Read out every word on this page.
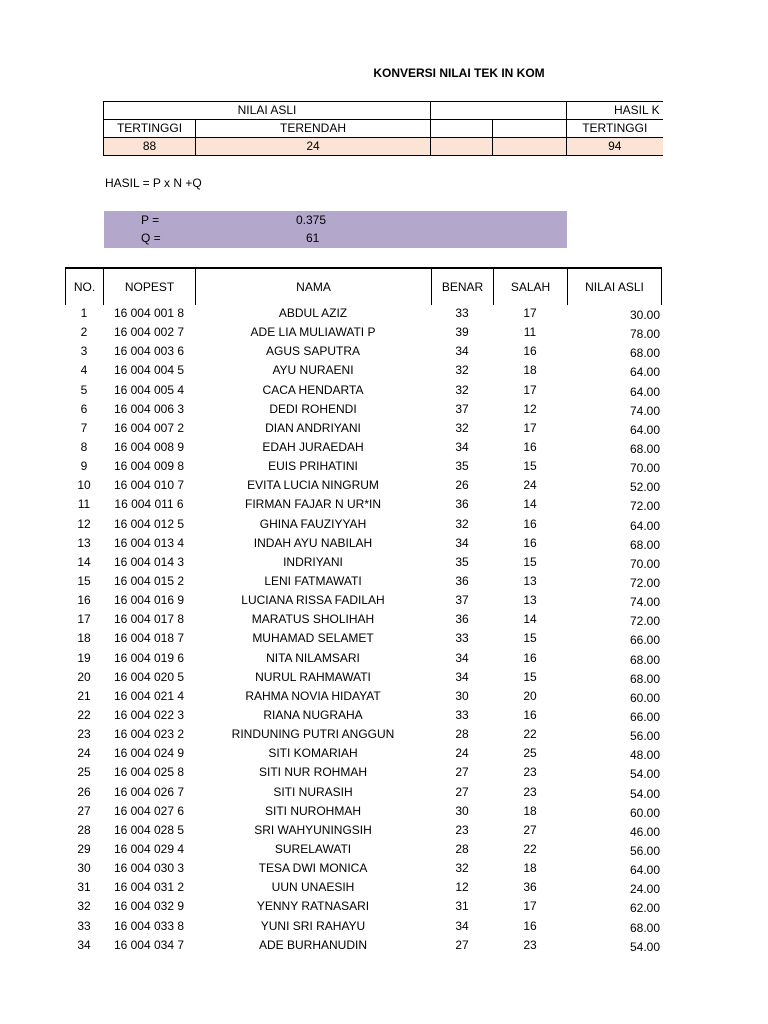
KONVERSI NILAI TEK IN KOM
NILAI ASLI				HASIL K
TERTINGGI	TERENDAH			TERTINGGI
88	24			94
HASIL = P x N +Q
P =	0.375
Q =	61
NO.	NOPEST	NAMA	BENAR	SALAH	NILAI ASLI
1	16 004 001 8	ABDUL AZIZ	33	17	30.00
2	16 004 002 7	ADE LIA MULIAWATI P	39	11	78.00
3	16 004 003 6	AGUS SAPUTRA	34	16	68.00
4	16 004 004 5	AYU NURAENI	32	18	64.00
5	16 004 005 4	CACA HENDARTA	32	17	64.00
6	16 004 006 3	DEDI ROHENDI	37	12	74.00
7	16 004 007 2	DIAN ANDRIYANI	32	17	64.00
8	16 004 008 9	EDAH JURAEDAH	34	16	68.00
9	16 004 009 8	EUIS PRIHATINI	35	15	70.00
10	16 004 010 7	EVITA LUCIA NINGRUM	26	24	52.00
11	16 004 011 6	FIRMAN FAJAR N UR*IN	36	14	72.00
12	16 004 012 5	GHINA FAUZIYYAH	32	16	64.00
13	16 004 013 4	INDAH AYU NABILAH	34	16	68.00
14	16 004 014 3	INDRIYANI	35	15	70.00
15	16 004 015 2	LENI FATMAWATI	36	13	72.00
16	16 004 016 9	LUCIANA RISSA FADILAH	37	13	74.00
17	16 004 017 8	MARATUS SHOLIHAH	36	14	72.00
18	16 004 018 7	MUHAMAD SELAMET	33	15	66.00
19	16 004 019 6	NITA NILAMSARI	34	16	68.00
20	16 004 020 5	NURUL RAHMAWATI	34	15	68.00
21	16 004 021 4	RAHMA NOVIA HIDAYAT	30	20	60.00
22	16 004 022 3	RIANA NUGRAHA	33	16	66.00
23	16 004 023 2	RINDUNING PUTRI ANGGUN	28	22	56.00
24	16 004 024 9	SITI KOMARIAH	24	25	48.00
25	16 004 025 8	SITI NUR ROHMAH	27	23	54.00
26	16 004 026 7	SITI NURASIH	27	23	54.00
27	16 004 027 6	SITI NUROHMAH	30	18	60.00
28	16 004 028 5	SRI WAHYUNINGSIH	23	27	46.00
29	16 004 029 4	SURELAWATI	28	22	56.00
30	16 004 030 3	TESA DWI MONICA	32	18	64.00
31	16 004 031 2	UUN UNAESIH	12	36	24.00
32	16 004 032 9	YENNY RATNASARI	31	17	62.00
33	16 004 033 8	YUNI SRI RAHAYU	34	16	68.00
34	16 004 034 7	ADE BURHANUDIN	27	23	54.00
